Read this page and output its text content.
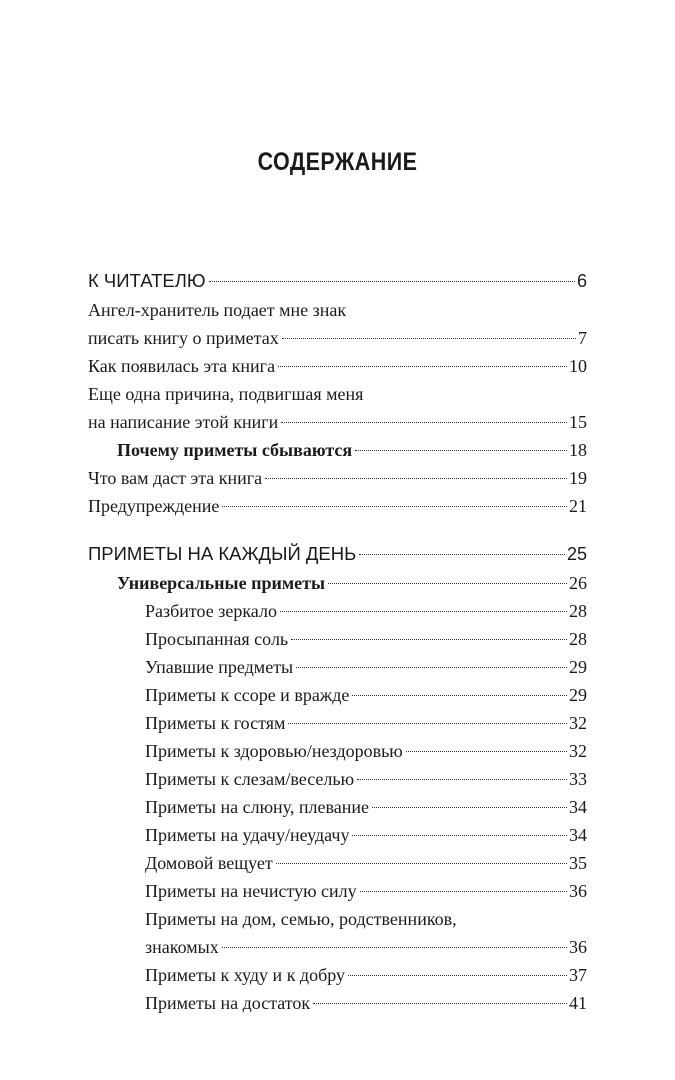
СОДЕРЖАНИЕ
К ЧИТАТЕЛЮ	6
Ангел-хранитель подает мне знак
писать книгу о приметах	7
Как появилась эта книга	10
Еще одна причина, подвигшая меня
на написание этой книги	15
Почему приметы сбываются	18
Что вам даст эта книга	19
Предупреждение	21
ПРИМЕТЫ НА КАЖДЫЙ ДЕНЬ	25
Универсальные приметы	26
Разбитое зеркало	28
Просыпанная соль	28
Упавшие предметы	29
Приметы к ссоре и вражде	29
Приметы к гостям	32
Приметы к здоровью/нездоровью	32
Приметы к слезам/веселью	33
Приметы на слюну, плевание	34
Приметы на удачу/неудачу	34
Домовой вещует	35
Приметы на нечистую силу	36
Приметы на дом, семью, родственников,
знакомых	36
Приметы к худу и к добру	37
Приметы на достаток	41
